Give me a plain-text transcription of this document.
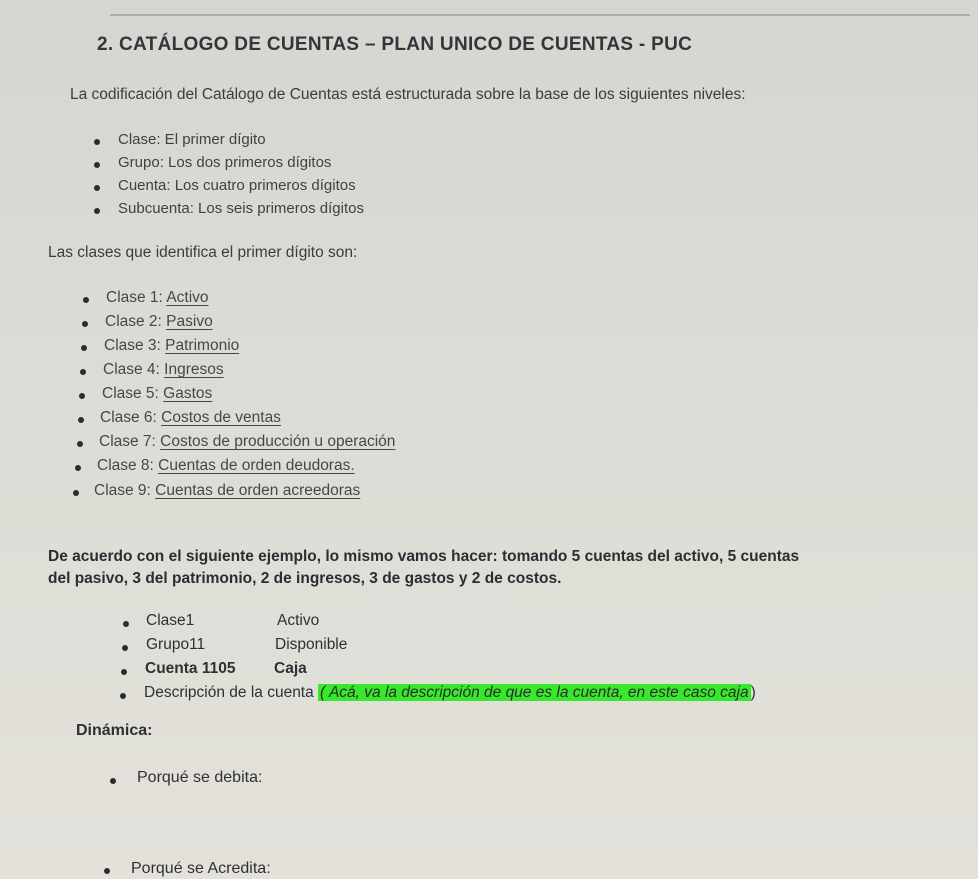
2. CATÁLOGO DE CUENTAS – PLAN UNICO DE CUENTAS - PUC
La codificación del Catálogo de Cuentas está estructurada sobre la base de los siguientes niveles:
Clase: El primer dígito
Grupo: Los dos primeros dígitos
Cuenta: Los cuatro primeros dígitos
Subcuenta: Los seis primeros dígitos
Las clases que identifica el primer dígito son:
Clase 1: Activo
Clase 2: Pasivo
Clase 3: Patrimonio
Clase 4: Ingresos
Clase 5: Gastos
Clase 6: Costos de ventas
Clase 7: Costos de producción u operación
Clase 8: Cuentas de orden deudoras.
Clase 9: Cuentas de orden acreedoras
De acuerdo con el siguiente ejemplo, lo mismo vamos hacer: tomando 5 cuentas del activo, 5 cuentas
del pasivo, 3 del patrimonio, 2 de ingresos, 3 de gastos y 2 de costos.
Clase1	Activo
Grupo11	Disponible
Cuenta 1105 Caja
Descripción de la cuenta ( Acá, va la descripción de que es la cuenta, en este caso caja )
Dinámica:
Porqué se debita:
Porqué se Acredita:
